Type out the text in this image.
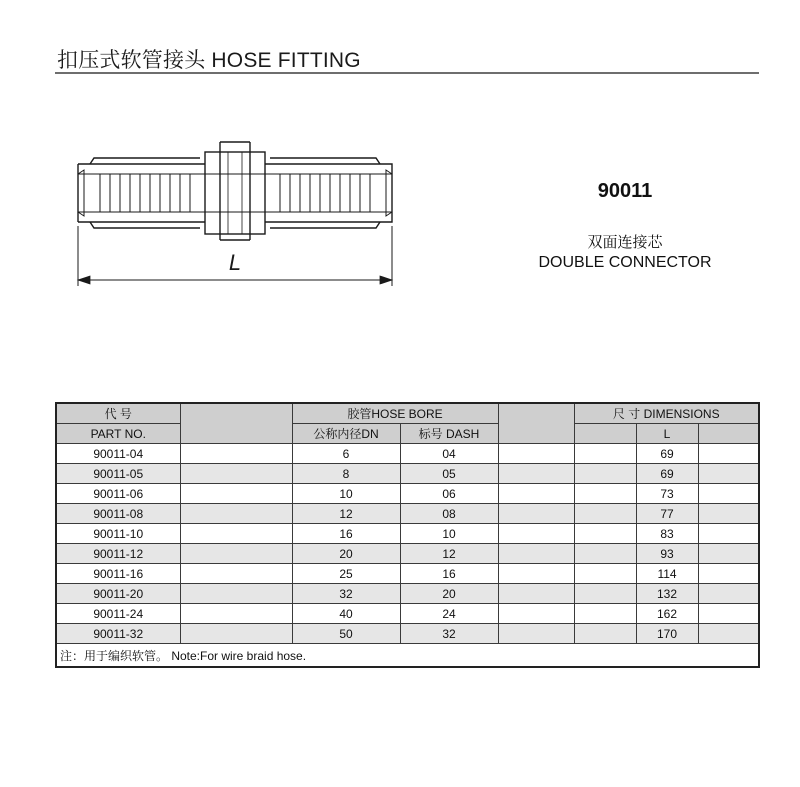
扣压式软管接头 HOSE FITTING
L
90011
双面连接芯
DOUBLE CONNECTOR
代 号		胶管HOSE BORE			尺 寸 DIMENSIONS		
PART NO.		公称内径DN	标号 DASH			L	
90011-04		6	04			69	
90011-05		8	05			69	
90011-06		10	06			73	
90011-08		12	08			77	
90011-10		16	10			83	
90011-12		20	12			93	
90011-16		25	16			114	
90011-20		32	20			132	
90011-24		40	24			162	
90011-32		50	32			170	
注：用于编织软管。 Note:For wire braid hose.							
